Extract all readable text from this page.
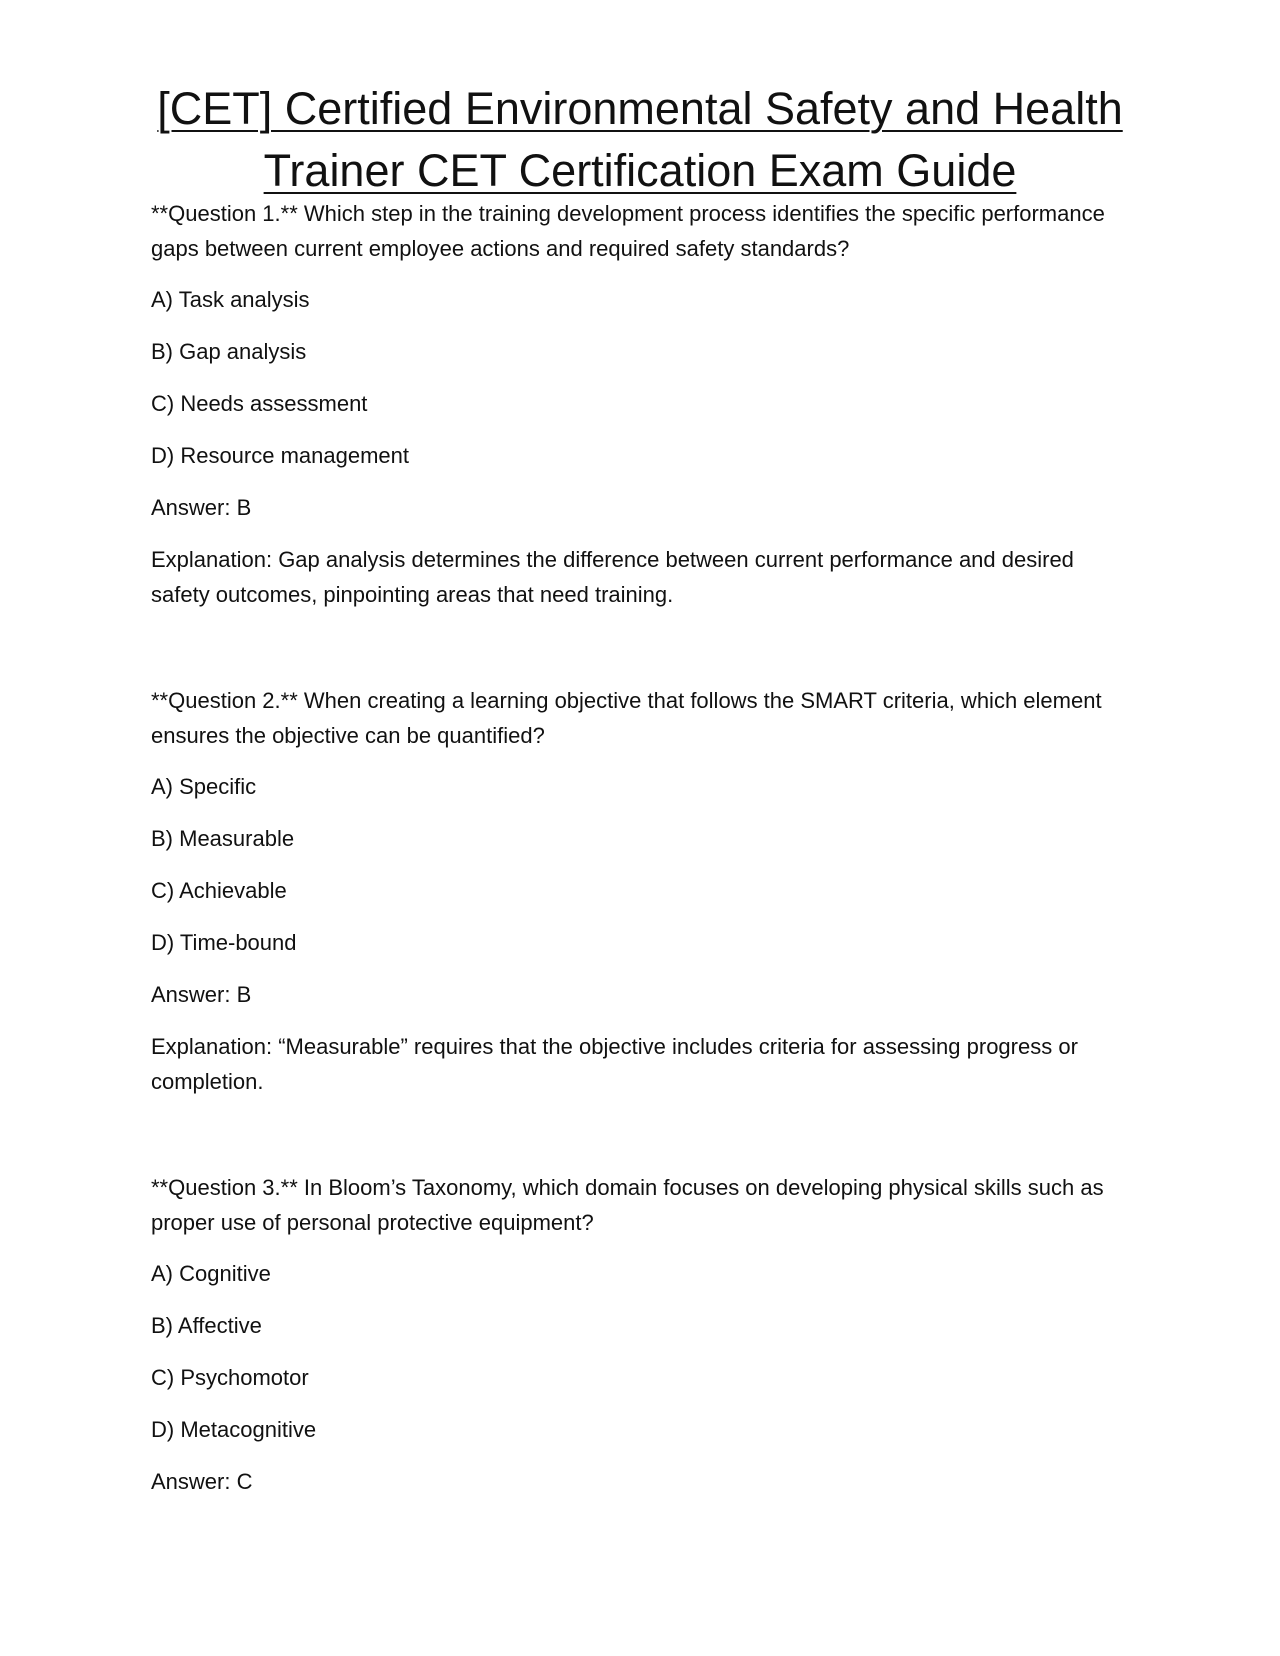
[CET] Certified Environmental Safety and Health
Trainer CET Certification Exam Guide

**Question 1.** Which step in the training development process identifies the specific performance gaps between current employee actions and required safety standards?

A) Task analysis

B) Gap analysis

C) Needs assessment

D) Resource management

Answer: B

Explanation: Gap analysis determines the difference between current performance and desired safety outcomes, pinpointing areas that need training.

**Question 2.** When creating a learning objective that follows the SMART criteria, which element ensures the objective can be quantified?

A) Specific

B) Measurable

C) Achievable

D) Time-bound

Answer: B

Explanation: “Measurable” requires that the objective includes criteria for assessing progress or completion.

**Question 3.** In Bloom’s Taxonomy, which domain focuses on developing physical skills such as proper use of personal protective equipment?

A) Cognitive

B) Affective

C) Psychomotor

D) Metacognitive

Answer: C
